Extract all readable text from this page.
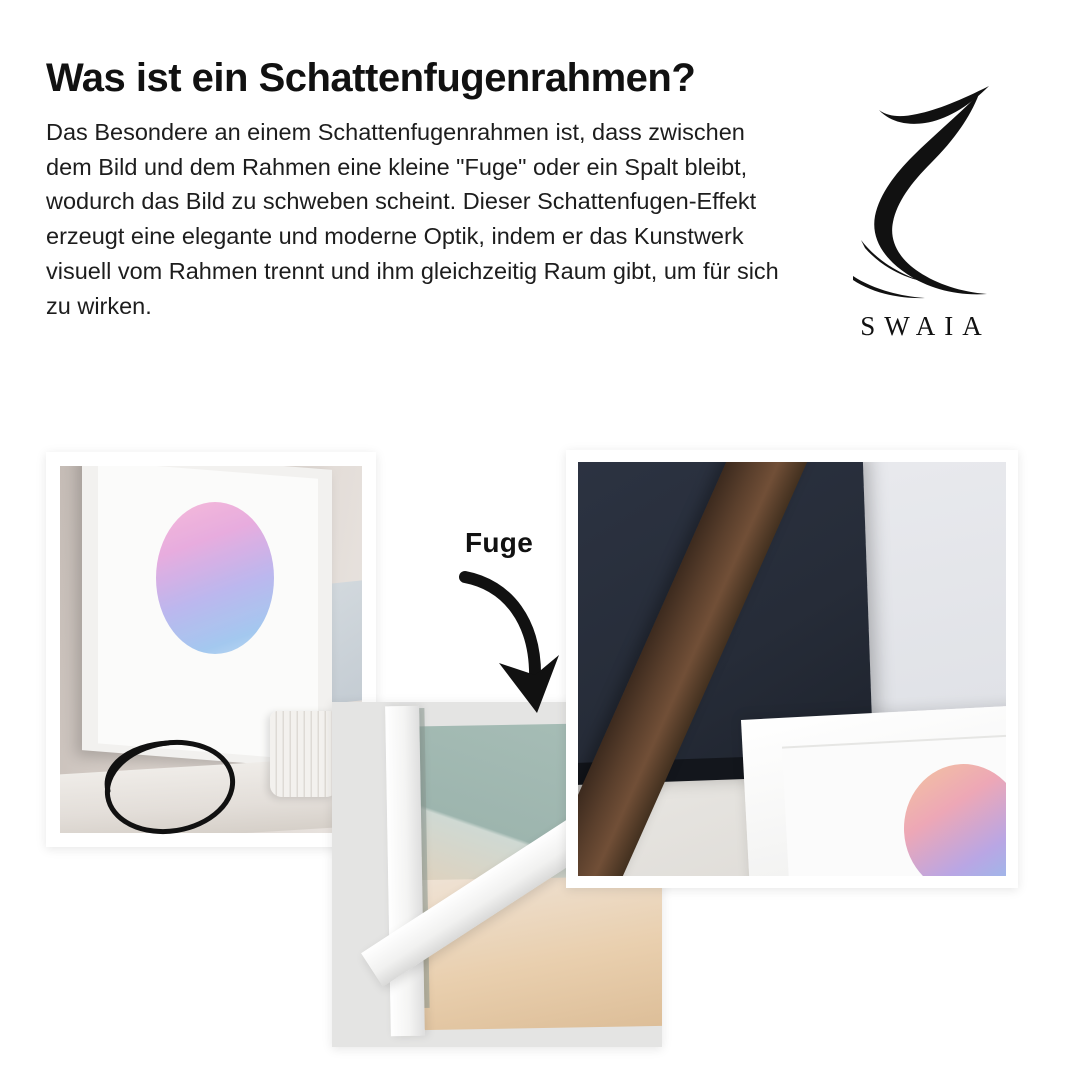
Was ist ein Schattenfugenrahmen?

Das Besondere an einem Schattenfugenrahmen ist, dass zwischen dem Bild und dem Rahmen eine kleine "Fuge" oder ein Spalt bleibt, wodurch das Bild zu schweben scheint. Dieser Schattenfugen-Effekt erzeugt eine elegante und moderne Optik, indem er das Kunstwerk visuell vom Rahmen trennt und ihm gleichzeitig Raum gibt, um für sich zu wirken.

SWAIA
Fuge
